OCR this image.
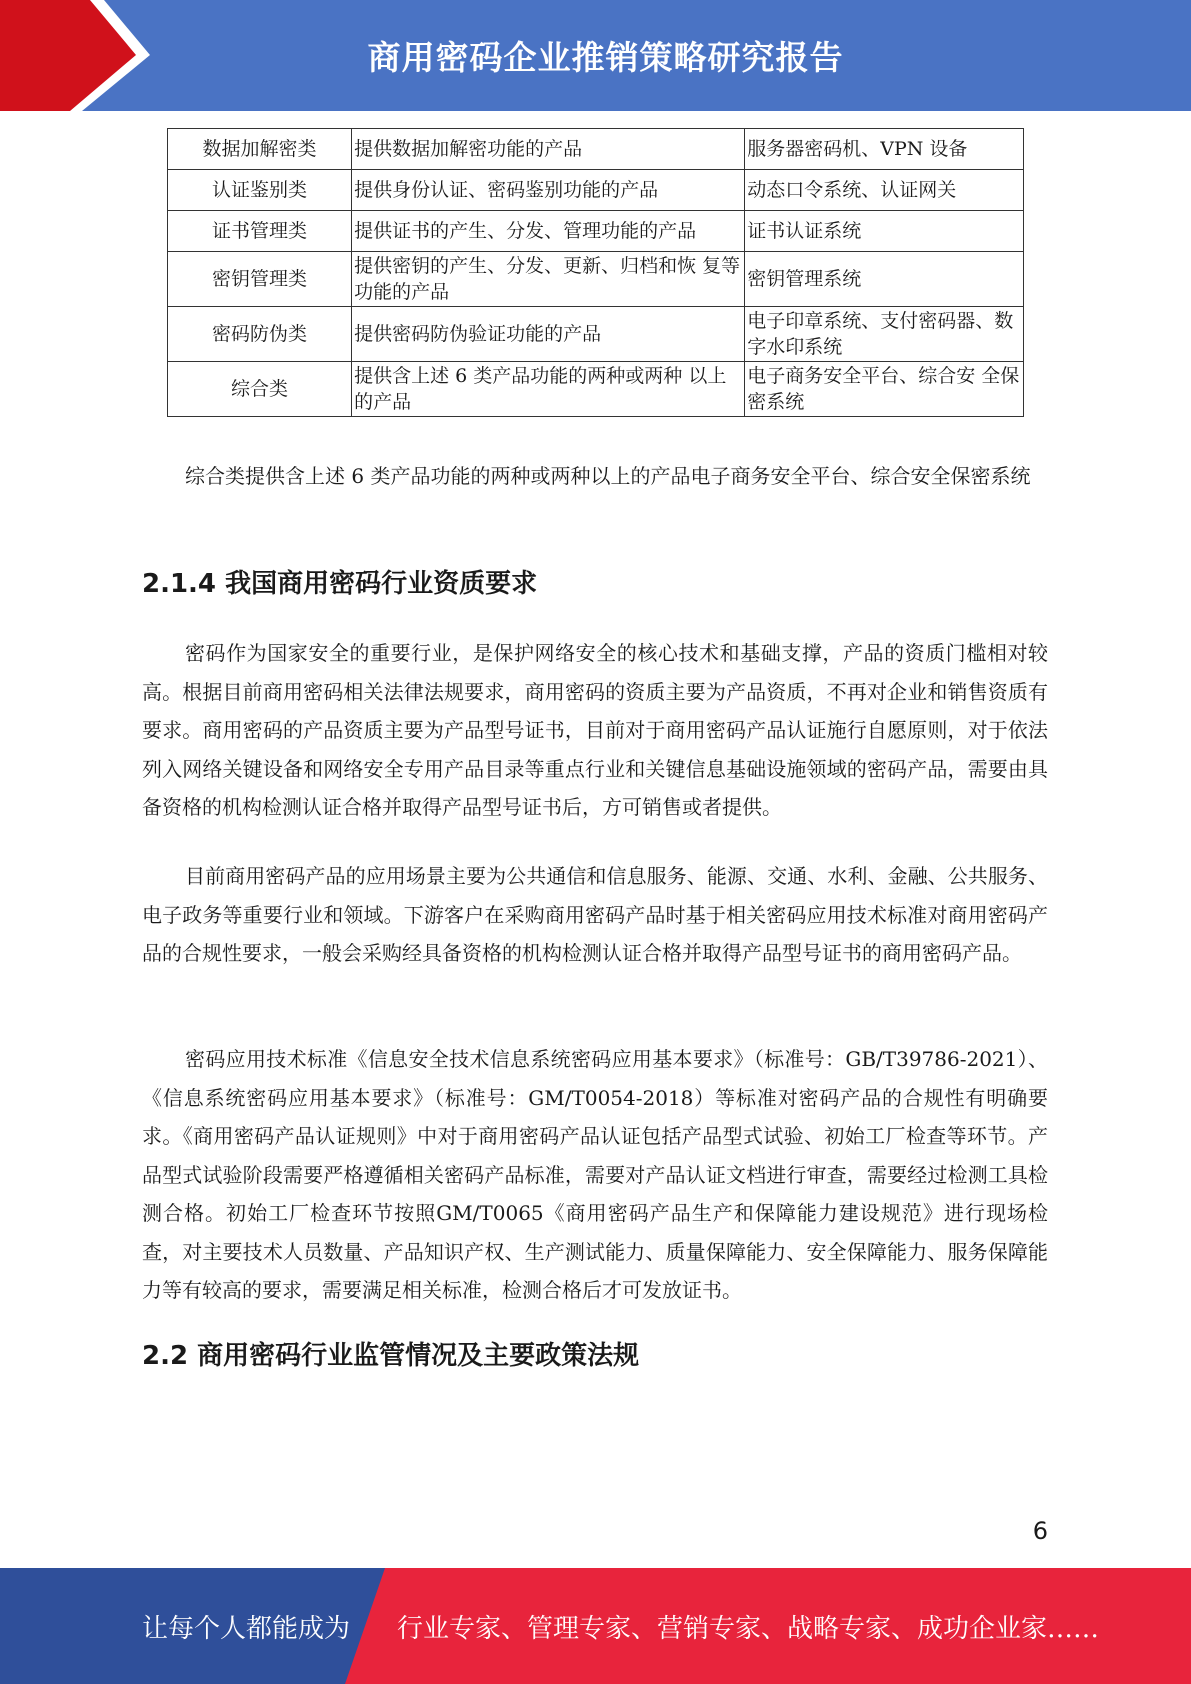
商用密码企业推销策略研究报告
数据加解密类	提供数据加解密功能的产品	服务器密码机、VPN 设备
认证鉴别类	提供身份认证、密码鉴别功能的产品	动态口令系统、认证网关
证书管理类	提供证书的产生、分发、管理功能的产品	证书认证系统
密钥管理类	提供密钥的产生、分发、更新、归档和恢 复等功能的产品	密钥管理系统
密码防伪类	提供密码防伪验证功能的产品	电子印章系统、支付密码器、数字水印系统
综合类	提供含上述 6 类产品功能的两种或两种 以上的产品	电子商务安全平台、综合安 全保密系统

综合类提供含上述 6 类产品功能的两种或两种以上的产品电子商务安全平台、综合安全保密系统

2.1.4 我国商用密码行业资质要求

密码作为国家安全的重要行业，是保护网络安全的核心技术和基础支撑，产品的资质门槛相对较高。根据目前商用密码相关法律法规要求，商用密码的资质主要为产品资质，不再对企业和销售资质有要求。商用密码的产品资质主要为产品型号证书，目前对于商用密码产品认证施行自愿原则，对于依法列入网络关键设备和网络安全专用产品目录等重点行业和关键信息基础设施领域的密码产品，需要由具备资格的机构检测认证合格并取得产品型号证书后，方可销售或者提供。

目前商用密码产品的应用场景主要为公共通信和信息服务、能源、交通、水利、金融、公共服务、电子政务等重要行业和领域。下游客户在采购商用密码产品时基于相关密码应用技术标准对商用密码产品的合规性要求，一般会采购经具备资格的机构检测认证合格并取得产品型号证书的商用密码产品。

密码应用技术标准《信息安全技术信息系统密码应用基本要求》（标准号：GB/T39786-2021）、《信息系统密码应用基本要求》（标准号：GM/T0054-2018）等标准对密码产品的合规性有明确要求。《商用密码产品认证规则》中对于商用密码产品认证包括产品型式试验、初始工厂检查等环节。产品型式试验阶段需要严格遵循相关密码产品标准，需要对产品认证文档进行审查，需要经过检测工具检测合格。初始工厂检查环节按照GM/T0065《商用密码产品生产和保障能力建设规范》进行现场检查，对主要技术人员数量、产品知识产权、生产测试能力、质量保障能力、安全保障能力、服务保障能力等有较高的要求，需要满足相关标准，检测合格后才可发放证书。

2.2 商用密码行业监管情况及主要政策法规
6
让每个人都能成为 行业专家、管理专家、营销专家、战略专家、成功企业家……
